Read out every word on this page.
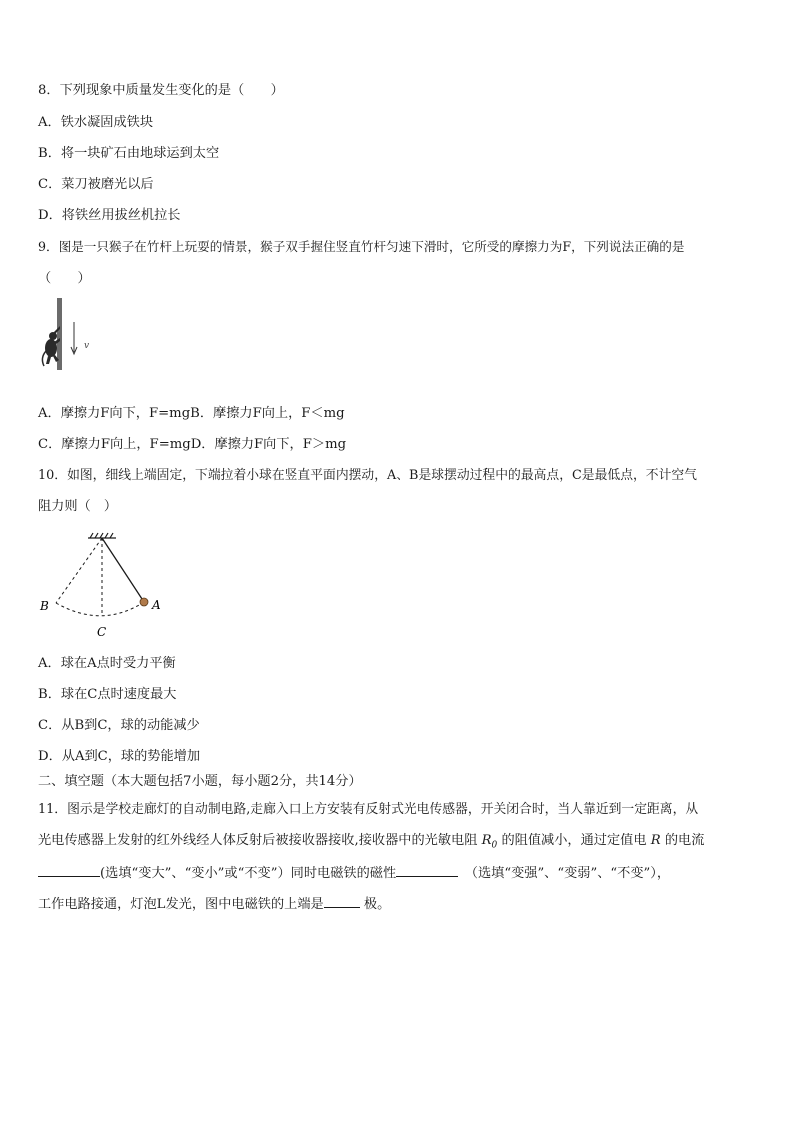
8．下列现象中质量发生变化的是（　　）
A．铁水凝固成铁块
B．将一块矿石由地球运到太空
C．菜刀被磨光以后
D．将铁丝用拔丝机拉长
9．图是一只猴子在竹杆上玩耍的情景，猴子双手握住竖直竹杆匀速下滑时，它所受的摩擦力为F，下列说法正确的是
（　　）
v
A．摩擦力F向下，F=mgB．摩擦力F向上，F＜mg
C．摩擦力F向上，F=mgD．摩擦力F向下，F＞mg
10．如图，细线上端固定，下端拉着小球在竖直平面内摆动，A、B是球摆动过程中的最高点，C是最低点，不计空气
阻力则（　）
A
B
C
A．球在A点时受力平衡
B．球在C点时速度最大
C．从B到C，球的动能减少
D．从A到C，球的势能增加
二、填空题（本大题包括7小题，每小题2分，共14分）
11．图示是学校走廊灯的自动制电路,走廊入口上方安装有反射式光电传感器，开关闭合时，当人靠近到一定距离，从
光电传感器上发射的红外线经人体反射后被接收器接收,接收器中的光敏电阻 $R_0$ 的阻值减小，通过定值电 R 的电流
(选填“变大”、“变小”或“不变”）同时电磁铁的磁性　	（选填“变强”、“变弱”、“不变”），
工作电路接通，灯泡L发光，图中电磁铁的上端是	极。
